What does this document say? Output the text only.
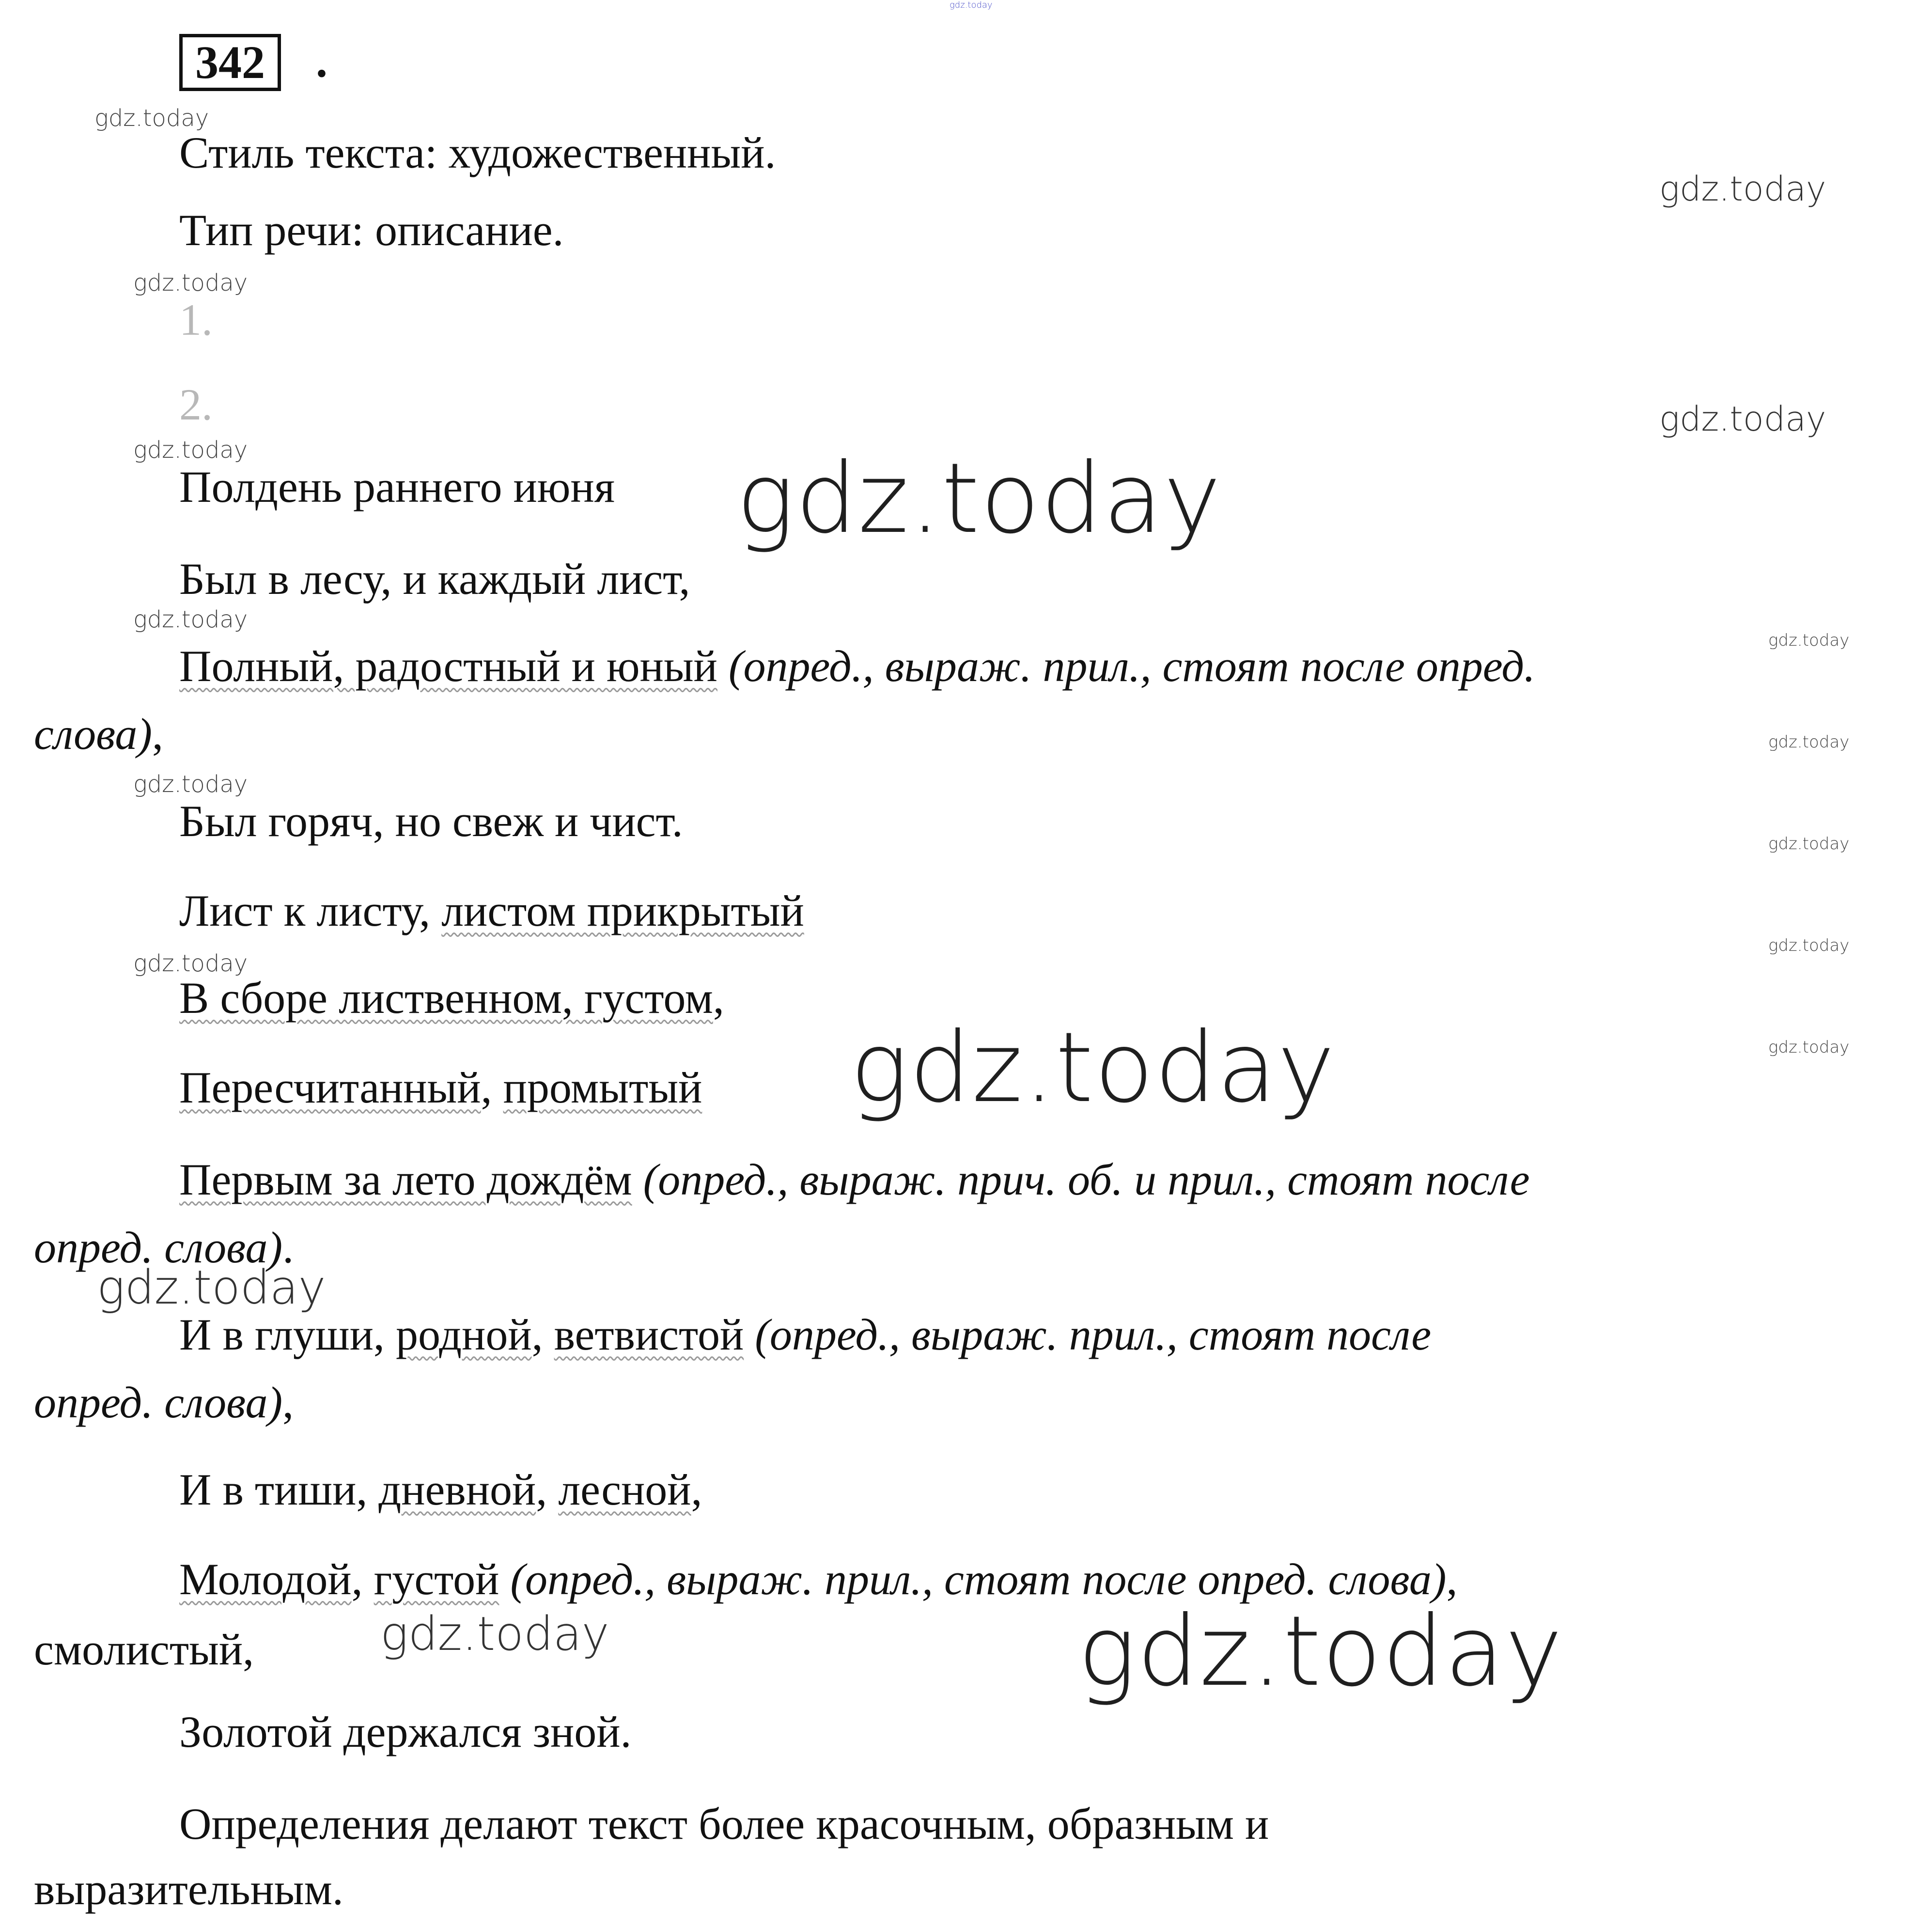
gdz.today
342	.
gdz.today
Стиль текста: художественный.
gdz.today
Тип речи: описание.
gdz.today
1.
2.	gdz.today
gdz.today
Полдень раннего июня gdz.today
Был в лесу, и каждый лист,
gdz.today
Полный, радостный и юный (опред., выраж. прил., стоят после опред.
gdz.today
слова),	gdz.today
gdz.today
Был горяч, но свеж и чист.	gdz.today
Лист к листу, листом прикрытый
gdz.today
gdz.today
В сборе лиственном, густом,
gdz.today
Пересчитанный, промытый gdz.today
Первым за лето дождём (опред., выраж. прич. об. и прил., стоят после
опред. слова).
gdz.today
И в глуши, родной, ветвистой (опред., выраж. прил., стоят после
опред. слова),
И в тиши, дневной, лесной,
Молодой, густой (опред., выраж. прил., стоят после опред. слова),
смолистый,	gdz.today	gdz.today
Золотой держался зной.
Определения делают текст более красочным, образным и
выразительным.
